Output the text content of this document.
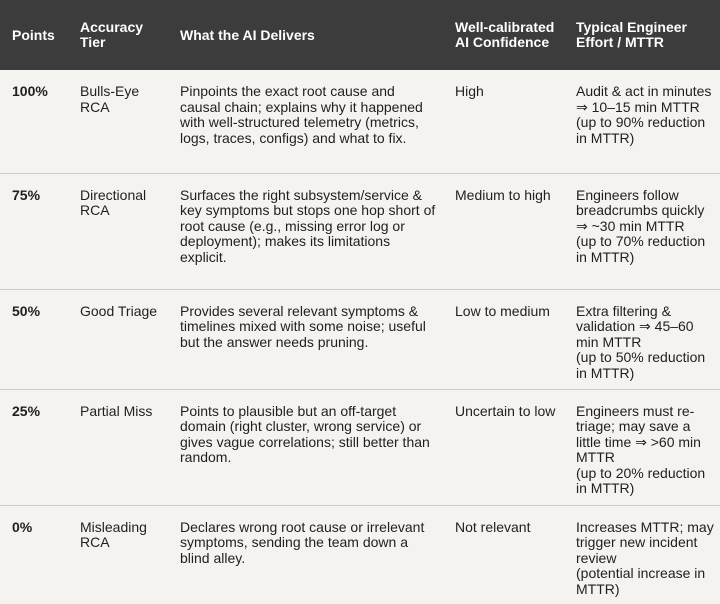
Points	Accuracy Tier	What the AI Delivers	Well-calibrated AI Confidence	Typical Engineer Effort / MTTR
100%	Bulls-Eye RCA	Pinpoints the exact root cause and causal chain; explains why it happened with well-structured telemetry (metrics, logs, traces, configs) and what to fix.	High	Audit & act in minutes ⇒ 10–15 min MTTR
(up to 90% reduction in MTTR)

75%	Directional RCA	Surfaces the right subsystem/service & key symptoms but stops one hop short of root cause (e.g., missing error log or deployment); makes its limitations explicit.	Medium to high	Engineers follow breadcrumbs quickly ⇒ ~30 min MTTR
(up to 70% reduction in MTTR)

50%	Good Triage	Provides several relevant symptoms & timelines mixed with some noise; useful but the answer needs pruning.	Low to medium	Extra filtering & validation ⇒ 45–60 min MTTR
(up to 50% reduction in MTTR)

25%	Partial Miss	Points to plausible but an off-target domain (right cluster, wrong service) or gives vague correlations; still better than random.	Uncertain to low	Engineers must re-triage; may save a little time ⇒ >60 min MTTR
(up to 20% reduction in MTTR)

0%	Misleading RCA	Declares wrong root cause or irrelevant symptoms, sending the team down a blind alley.	Not relevant	Increases MTTR; may trigger new incident review
(potential increase in MTTR)
